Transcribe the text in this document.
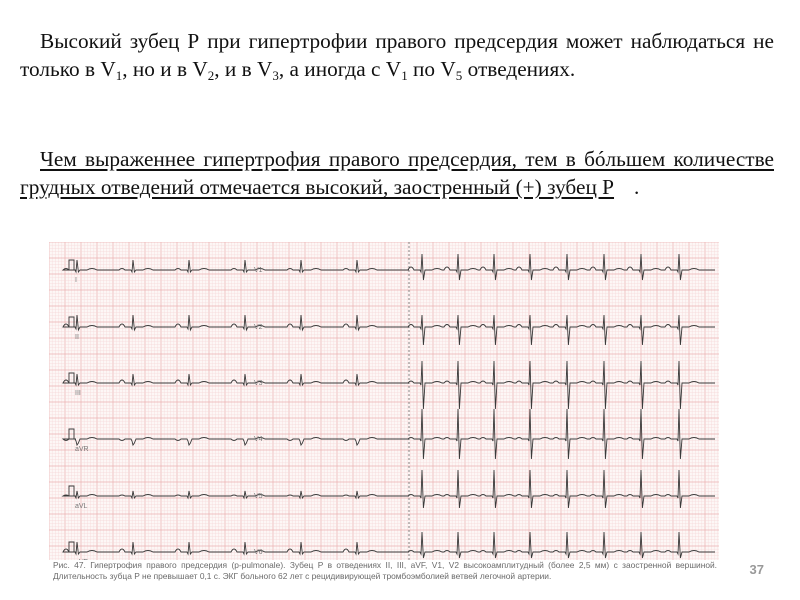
Высокий зубец Р при гипертрофии правого предсердия может наблюдаться не только в $V_1$, но и в $V_2$, и в $V_3$, а иногда с $V_1$ по $V_5$ отведениях.

Чем выраженнее гипертрофия правого предсердия, тем в бóльшем количестве грудных отведений отмечается высокий, заостренный (+) зубец Р .

I
V1
II
V2
III
V3
aVR
V4
aVL
V5
V6

Рис. 47. Гипертрофия правого предсердия (p-pulmonale). Зубец P в отведениях II, III, aVF, V1, V2 высокоамплитудный (более 2,5 мм) с заостренной вершиной. Длительность зубца P не превышает 0,1 с. ЭКГ больного 62 лет с рецидивирующей тромбоэмболией ветвей легочной артерии.	37
